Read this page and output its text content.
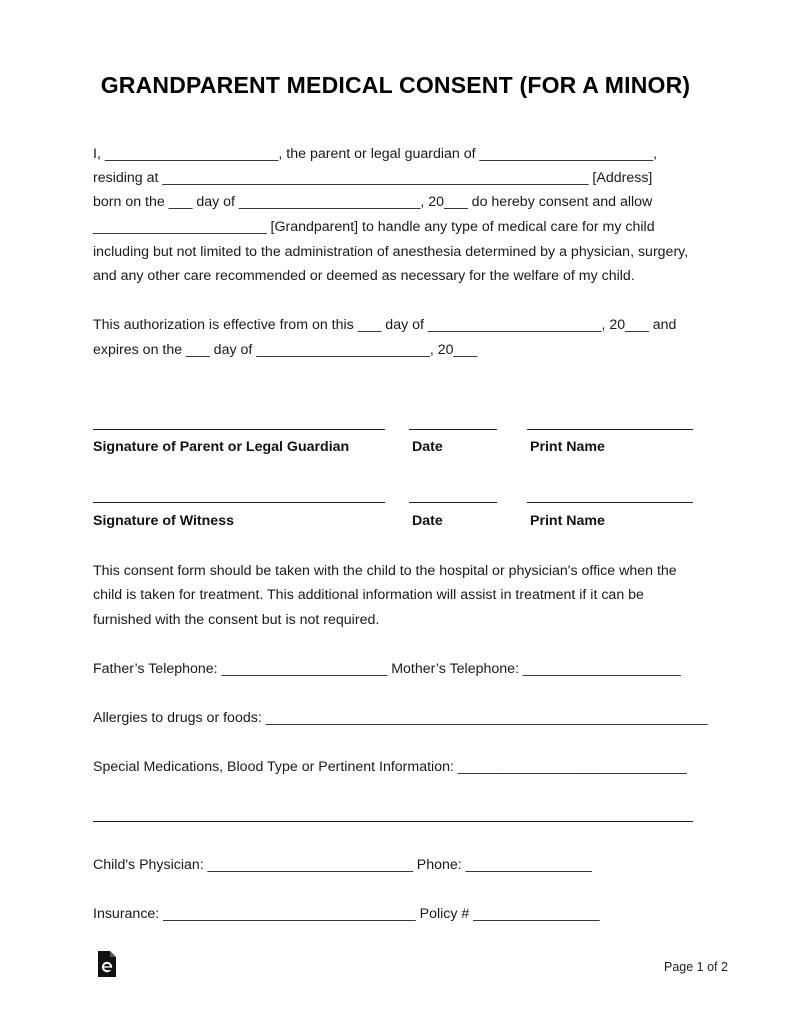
GRANDPARENT MEDICAL CONSENT (FOR A MINOR)
I, ______________________, the parent or legal guardian of ______________________,
residing at ______________________________________________________ [Address]
born on the ___ day of _______________________, 20___ do hereby consent and allow
______________________ [Grandparent] to handle any type of medical care for my child
including but not limited to the administration of anesthesia determined by a physician, surgery,
and any other care recommended or deemed as necessary for the welfare of my child.
This authorization is effective from on this ___ day of ______________________, 20___ and
expires on the ___ day of ______________________, 20___
Signature of Parent or Legal Guardian	Date	Print Name
Signature of Witness	Date	Print Name
This consent form should be taken with the child to the hospital or physician's office when the
child is taken for treatment. This additional information will assist in treatment if it can be
furnished with the consent but is not required.
Father’s Telephone: _____________________ Mother’s Telephone: ____________________
Allergies to drugs or foods: ________________________________________________________
Special Medications, Blood Type or Pertinent Information: _____________________________
Child's Physician: __________________________ Phone: ________________
Insurance: ________________________________ Policy # ________________
Page 1 of 2
